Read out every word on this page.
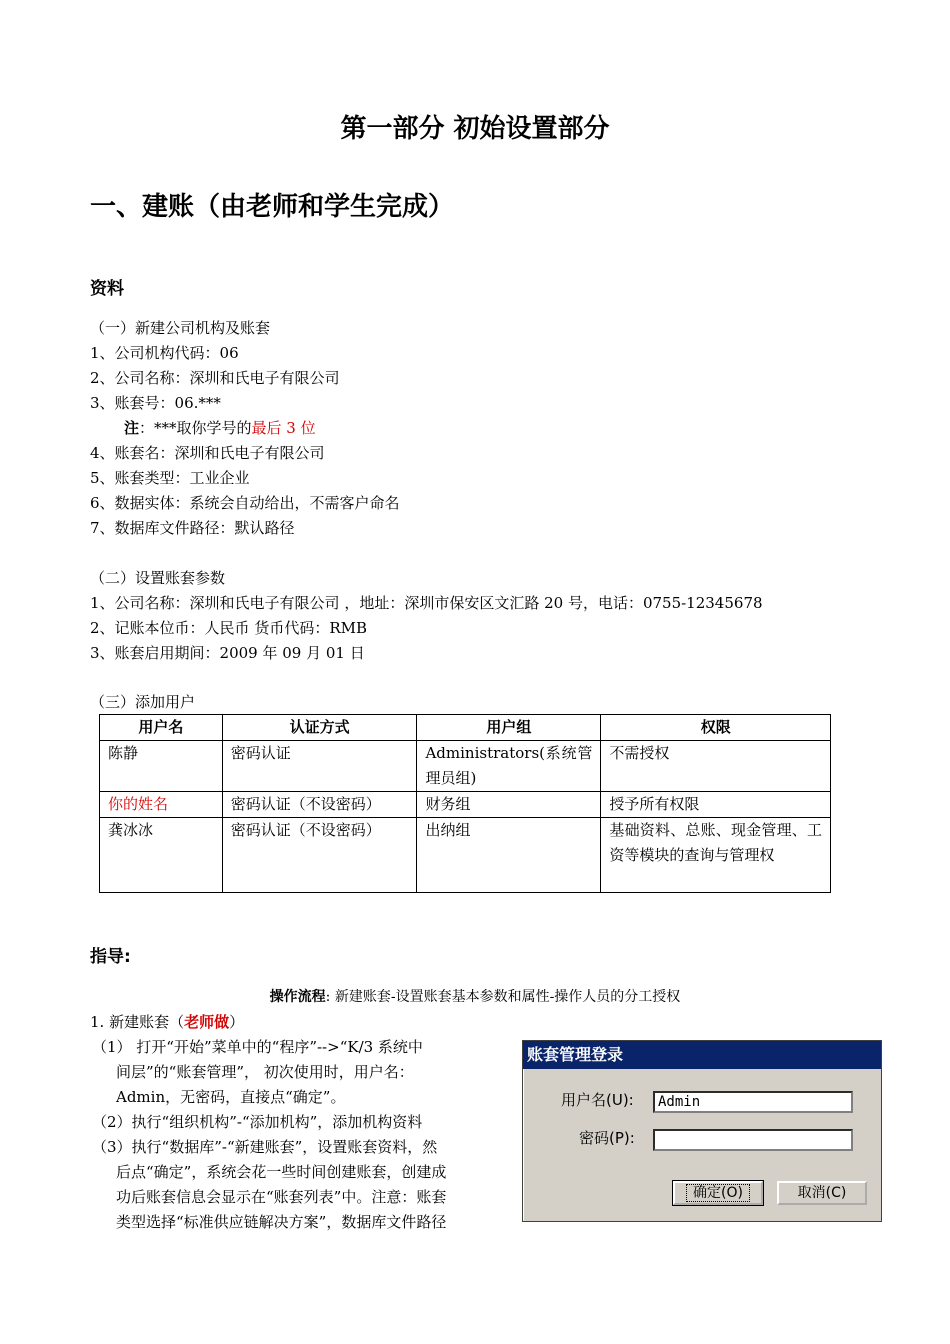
第一部分 初始设置部分
一、建账（由老师和学生完成）
资料
（一）新建公司机构及账套
1、公司机构代码：06
2、公司名称：深圳和氏电子有限公司
3、账套号：06.***
注：***取你学号的最后 3 位
4、账套名：深圳和氏电子有限公司
5、账套类型：工业企业
6、数据实体：系统会自动给出，不需客户命名
7、数据库文件路径：默认路径
（二）设置账套参数
1、公司名称：深圳和氏电子有限公司 ，地址：深圳市保安区文汇路 20 号，电话：0755-12345678
2、记账本位币：人民币 货币代码：RMB
3、账套启用期间：2009 年 09 月 01 日
（三）添加用户
用户名	认证方式	用户组	权限
陈静	密码认证	Administrators(系统管理员组)	不需授权
你的姓名	密码认证（不设密码）	财务组	授予所有权限
龚冰冰	密码认证（不设密码）	出纳组	基础资料、总账、现金管理、工资等模块的查询与管理权
指导:
操作流程: 新建账套-设置账套基本参数和属性-操作人员的分工授权
1. 新建账套（老师做）
（1） 打开“开始”菜单中的“程序”-->“K/3 系统中
间层”的“账套管理”， 初次使用时，用户名：
Admin，无密码，直接点“确定”。
（2）执行“组织机构”-“添加机构”，添加机构资料
（3）执行“数据库”-“新建账套”，设置账套资料，然
后点“确定”，系统会花一些时间创建账套，创建成
功后账套信息会显示在“账套列表”中。注意：账套
类型选择“标准供应链解决方案”，数据库文件路径
账套管理登录
用户名(U):	Admin
密码(P):
确定(O)	取消(C)
